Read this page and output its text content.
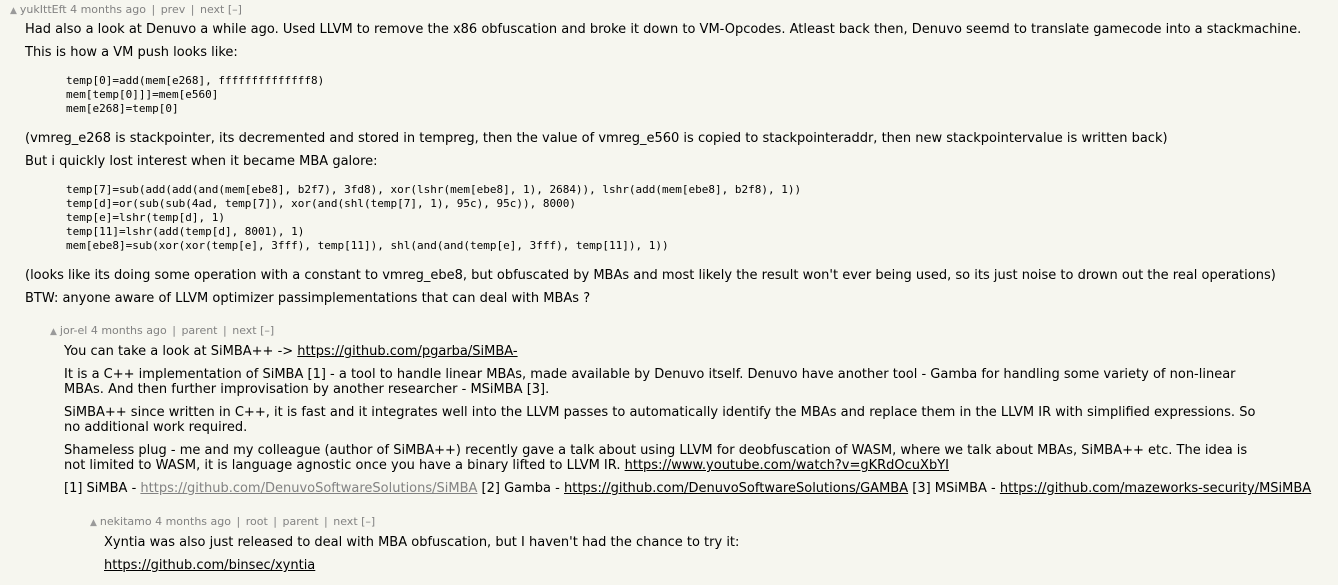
▲ yukIttEft 4 months ago | prev | next [–]

Had also a look at Denuvo a while ago. Used LLVM to remove the x86 obfuscation and broke it down to VM-Opcodes. Atleast back then, Denuvo seemd to translate gamecode into a stackmachine.

This is how a VM push looks like:

temp[0]=add(mem[e268], ffffffffffffff8)
mem[temp[0]]]=mem[e560]
mem[e268]=temp[0]

(vmreg_e268 is stackpointer, its decremented and stored in tempreg, then the value of vmreg_e560 is copied to stackpointeraddr, then new stackpointervalue is written back)

But i quickly lost interest when it became MBA galore:

temp[7]=sub(add(add(and(mem[ebe8], b2f7), 3fd8), xor(lshr(mem[ebe8], 1), 2684)), lshr(add(mem[ebe8], b2f8), 1))
temp[d]=or(sub(sub(4ad, temp[7]), xor(and(shl(temp[7], 1), 95c), 95c)), 8000)
temp[e]=lshr(temp[d], 1)
temp[11]=lshr(add(temp[d], 8001), 1)
mem[ebe8]=sub(xor(xor(temp[e], 3fff), temp[11]), shl(and(and(temp[e], 3fff), temp[11]), 1))

(looks like its doing some operation with a constant to vmreg_ebe8, but obfuscated by MBAs and most likely the result won't ever being used, so its just noise to drown out the real operations)

BTW: anyone aware of LLVM optimizer passimplementations that can deal with MBAs ?

▲ jor-el 4 months ago | parent | next [–]

You can take a look at SiMBA++ -> https://github.com/pgarba/SiMBA-

It is a C++ implementation of SiMBA [1] - a tool to handle linear MBAs, made available by Denuvo itself. Denuvo have another tool - Gamba for handling some variety of non-linear MBAs. And then further improvisation by another researcher - MSiMBA [3].

SiMBA++ since written in C++, it is fast and it integrates well into the LLVM passes to automatically identify the MBAs and replace them in the LLVM IR with simplified expressions. So no additional work required.

Shameless plug - me and my colleague (author of SiMBA++) recently gave a talk about using LLVM for deobfuscation of WASM, where we talk about MBAs, SiMBA++ etc. The idea is not limited to WASM, it is language agnostic once you have a binary lifted to LLVM IR. https://www.youtube.com/watch?v=gKRdOcuXbYI

[1] SiMBA - https://github.com/DenuvoSoftwareSolutions/SiMBA [2] Gamba - https://github.com/DenuvoSoftwareSolutions/GAMBA [3] MSiMBA - https://github.com/mazeworks-security/MSiMBA

▲ nekitamo 4 months ago | root | parent | next [–]

Xyntia was also just released to deal with MBA obfuscation, but I haven't had the chance to try it:

https://github.com/binsec/xyntia
